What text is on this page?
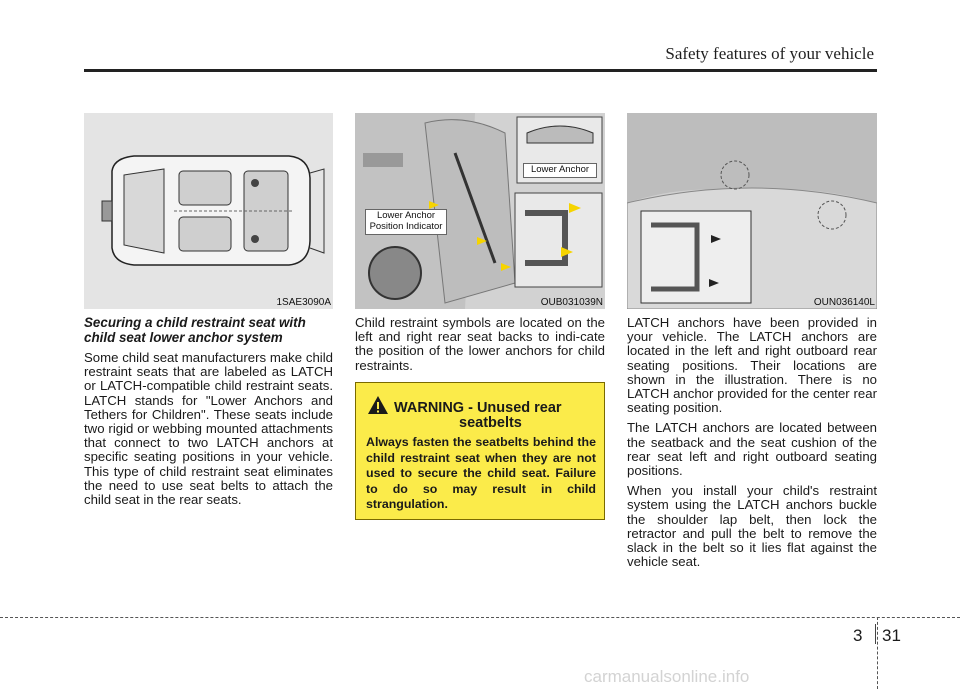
Safety features of your vehicle
1SAE3090A
Lower Anchor
Lower Anchor
Position Indicator
OUB031039N	OUN036140L
Securing a child restraint seat with
child seat lower anchor system

Some child seat manufacturers make child restraint seats that are labeled as LATCH or LATCH-compatible child restraint seats. LATCH stands for "Lower Anchors and Tethers for Children". These seats include two rigid or webbing mounted attachments that connect to two LATCH anchors at specific seating positions in your vehicle. This type of child restraint seat eliminates the need to use seat belts to attach the child seat in the rear seats.

Child restraint symbols are located on the left and right rear seat backs to indi-cate the position of the lower anchors for child restraints.

WARNING - Unused rear
seatbelts
Always fasten the seatbelts behind the child restraint seat when they are not used to secure the child seat. Failure to do so may result in child strangulation.

LATCH anchors have been provided in your vehicle. The LATCH anchors are located in the left and right outboard rear seating positions. Their locations are shown in the illustration. There is no LATCH anchor provided for the center rear seating position.

The LATCH anchors are located between the seatback and the seat cushion of the rear seat left and right outboard seating positions.

When you install your child's restraint system using the LATCH anchors buckle the shoulder lap belt, then lock the retractor and pull the belt to remove the slack in the belt so it lies flat against the vehicle seat.

3 31
carmanualsonline.info
